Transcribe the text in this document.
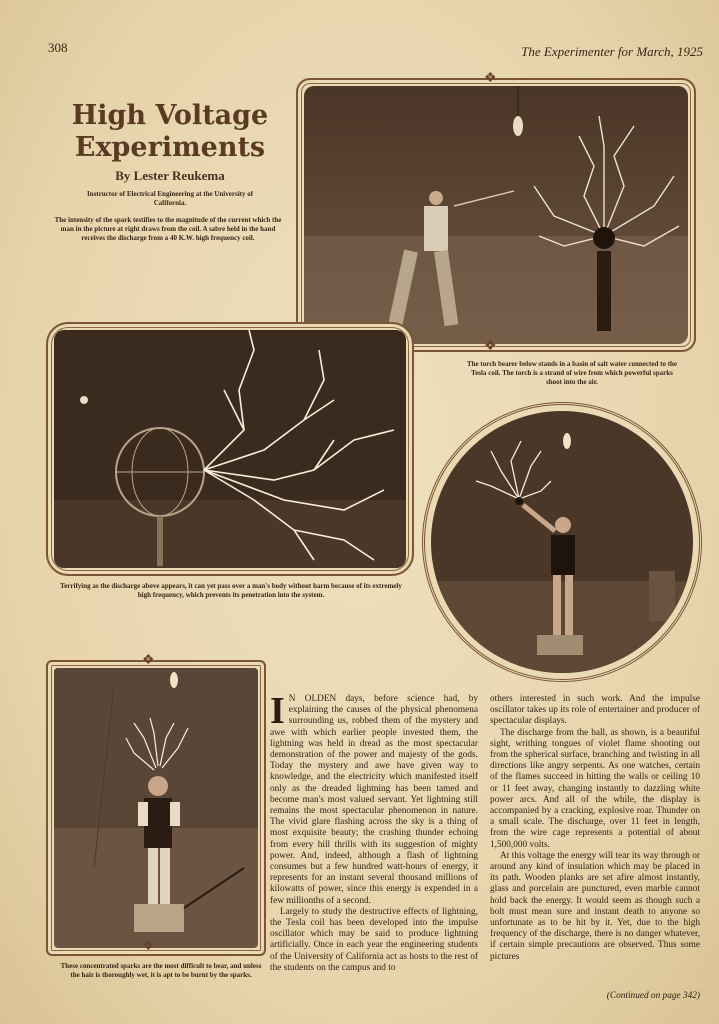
308	The Experimenter for March, 1925
High Voltage
Experiments
By Lester Reukema
Instructor of Electrical Engineering at the University of California.
The intensity of the spark testifies to the magnitude of the current which the man in the picture at right draws from the coil. A sabre held in the hand receives the discharge from a 40 K.W. high frequency coil.
❖
❖
The torch bearer below stands in a basin of salt water connected to the Tesla coil. The torch is a strand of wire from which powerful sparks shoot into the air.
Terrifying as the discharge above appears, it can yet pass over a man's body without harm because of its extremely high frequency, which prevents its penetration into the system.
❖
❖
These concentrated sparks are the most difficult to bear, and unless the hair is thoroughly wet, it is apt to be burnt by the sparks.
I N OLDEN days, before science had, by explaining the causes of the physical phenomena surrounding us, robbed them of the mystery and awe with which earlier people invested them, the lightning was held in dread as the most spectacular demonstration of the power and majesty of the gods. Today the mystery and awe have given way to knowledge, and the electricity which manifested itself only as the dreaded lightning has been tamed and become man's most valued servant. Yet lightning still remains the most spectacular phenomenon in nature. The vivid glare flashing across the sky is a thing of most exquisite beauty; the crashing thunder echoing from every hill thrills with its suggestion of mighty power. And, indeed, although a flash of lightning consumes but a few hundred watt-hours of energy, it represents for an instant several thousand millions of kilowatts of power, since this energy is expended in a few millionths of a second.

Largely to study the destructive effects of lightning, the Tesla coil has been developed into the impulse oscillator which may be said to produce lightning artificially. Once in each year the engineering students of the University of California act as hosts to the rest of the students on the campus and to

others interested in such work. And the impulse oscillator takes up its role of entertainer and producer of spectacular displays.

The discharge from the ball, as shown, is a beautiful sight, writhing tongues of violet flame shooting out from the spherical surface, branching and twisting in all directions like angry serpents. As one watches, certain of the flames succeed in hitting the walls or ceiling 10 or 11 feet away, changing instantly to dazzling white power arcs. And all of the while, the display is accompanied by a cracking, explosive roar. Thunder on a small scale. The discharge, over 11 feet in length, from the wire cage represents a potential of about 1,500,000 volts.

At this voltage the energy will tear its way through or around any kind of insulation which may be placed in its path. Wooden planks are set afire almost instantly, glass and porcelain are punctured, even marble cannot hold back the energy. It would seem as though such a bolt must mean sure and instant death to anyone so unfortunate as to be hit by it. Yet, due to the high frequency of the discharge, there is no danger whatever, if certain simple precautions are observed. Thus some pictures

(Continued on page 342)
